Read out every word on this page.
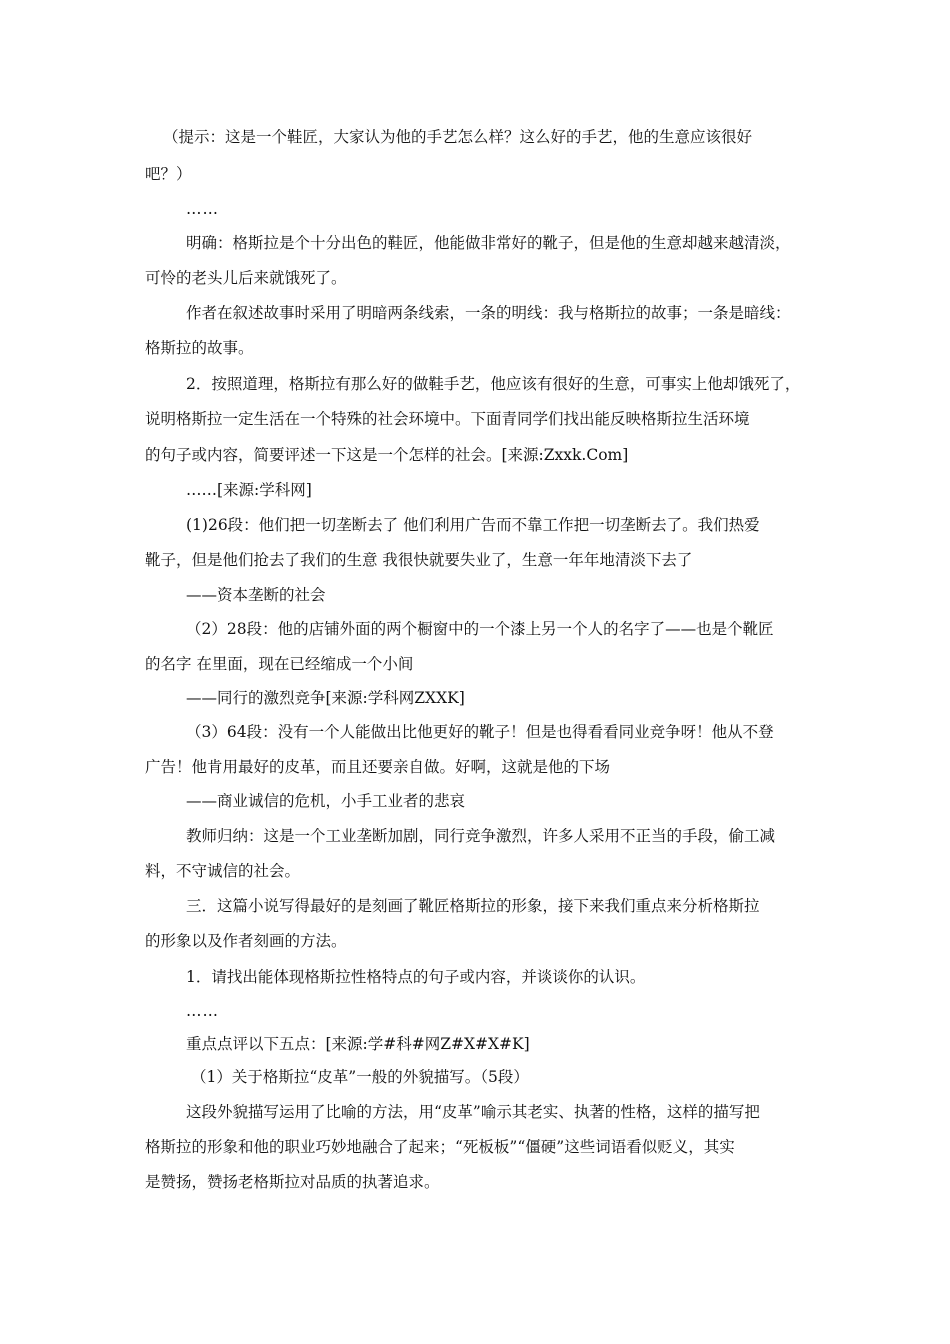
（提示：这是一个鞋匠，大家认为他的手艺怎么样？这么好的手艺，他的生意应该很好
吧？）
……
明确：格斯拉是个十分出色的鞋匠，他能做非常好的靴子，但是他的生意却越来越清淡，
可怜的老头儿后来就饿死了。
作者在叙述故事时采用了明暗两条线索，一条的明线：我与格斯拉的故事；一条是暗线：
格斯拉的故事。
2．按照道理，格斯拉有那么好的做鞋手艺，他应该有很好的生意，可事实上他却饿死了，
说明格斯拉一定生活在一个特殊的社会环境中。下面青同学们找出能反映格斯拉生活环境
的句子或内容，简要评述一下这是一个怎样的社会。[来源:Zxxk.Com]
……[来源:学科网]
(1)26段：他们把一切垄断去了 他们利用广告而不靠工作把一切垄断去了。我们热爱
靴子，但是他们抢去了我们的生意 我很快就要失业了，生意一年年地清淡下去了
——资本垄断的社会
（2）28段：他的店铺外面的两个橱窗中的一个漆上另一个人的名字了——也是个靴匠
的名字 在里面，现在已经缩成一个小间
——同行的激烈竞争[来源:学科网ZXXK]
（3）64段：没有一个人能做出比他更好的靴子！但是也得看看同业竞争呀！他从不登
广告！他肯用最好的皮革，而且还要亲自做。好啊，这就是他的下场
——商业诚信的危机，小手工业者的悲哀
教师归纳：这是一个工业垄断加剧，同行竞争激烈，许多人采用不正当的手段，偷工减
料，不守诚信的社会。
三．这篇小说写得最好的是刻画了靴匠格斯拉的形象，接下来我们重点来分析格斯拉
的形象以及作者刻画的方法。
1．请找出能体现格斯拉性格特点的句子或内容，并谈谈你的认识。
……
重点点评以下五点：[来源:学#科#网Z#X#X#K]
（1）关于格斯拉“皮革”一般的外貌描写。（5段）
这段外貌描写运用了比喻的方法，用“皮革”喻示其老实、执著的性格，这样的描写把
格斯拉的形象和他的职业巧妙地融合了起来；“死板板”“僵硬”这些词语看似贬义，其实
是赞扬，赞扬老格斯拉对品质的执著追求。
